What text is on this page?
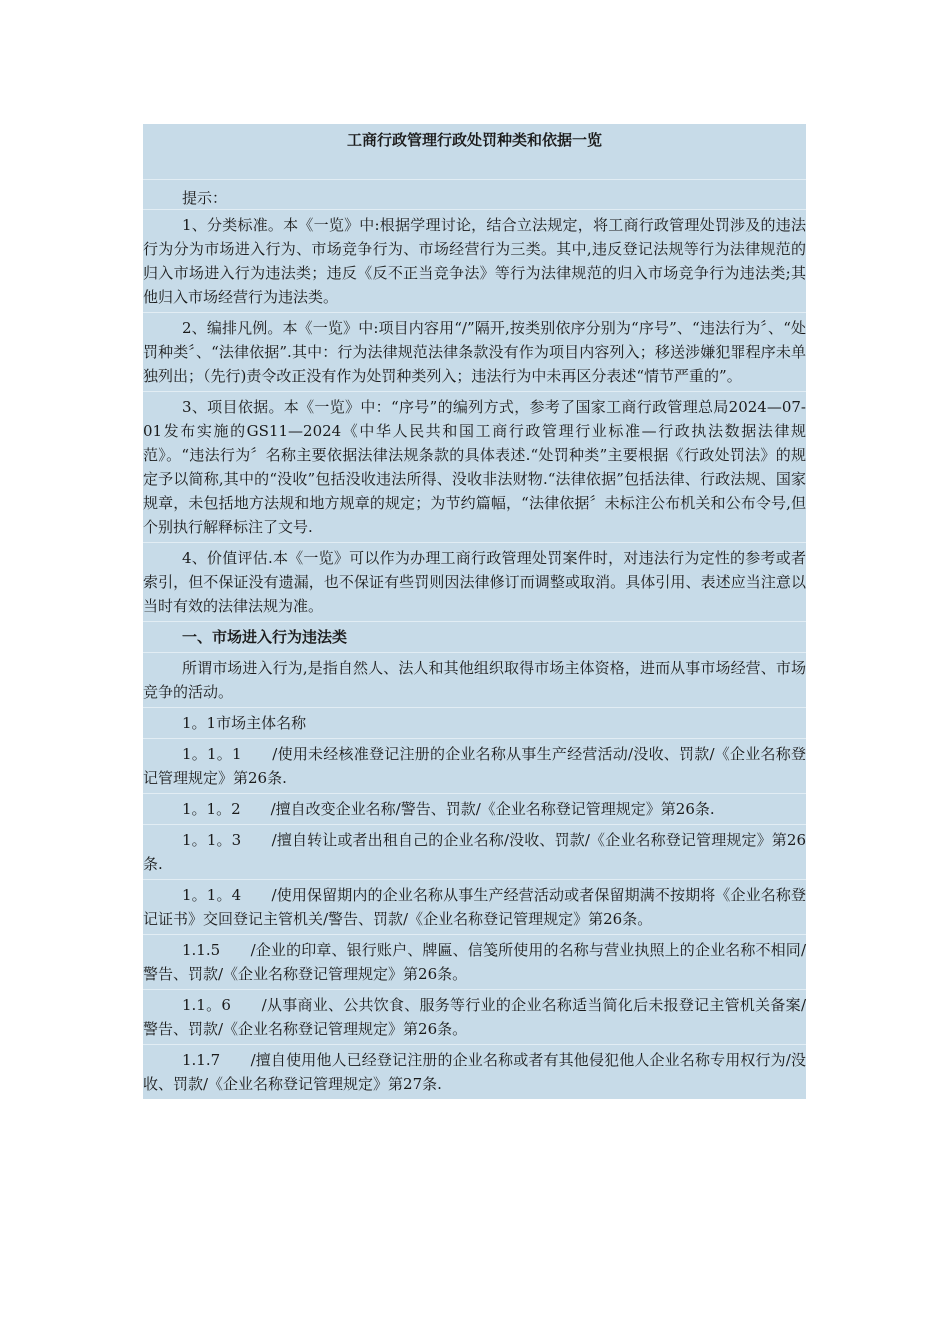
工商行政管理行政处罚种类和依据一览
提示：
1、分类标准。本《一览》中:根据学理讨论，结合立法规定，将工商行政管理处罚涉及的违法行为分为市场进入行为、市场竞争行为、市场经营行为三类。其中,违反登记法规等行为法律规范的归入市场进入行为违法类；违反《反不正当竞争法》等行为法律规范的归入市场竞争行为违法类;其他归入市场经营行为违法类。
2、编排凡例。本《一览》中:项目内容用“/”隔开,按类别依序分别为“序号”、“违法行为〞、“处罚种类〞、“法律依据”.其中：行为法律规范法律条款没有作为项目内容列入；移送涉嫌犯罪程序未单独列出；（先行)责令改正没有作为处罚种类列入；违法行为中未再区分表述“情节严重的”。
3、项目依据。本《一览》中：“序号”的编列方式，参考了国家工商行政管理总局2024—07-01发布实施的GS11—2024《中华人民共和国工商行政管理行业标准—行政执法数据法律规范》。“违法行为〞名称主要依据法律法规条款的具体表述.“处罚种类”主要根据《行政处罚法》的规定予以简称,其中的“没收”包括没收违法所得、没收非法财物.“法律依据”包括法律、行政法规、国家规章，未包括地方法规和地方规章的规定；为节约篇幅，“法律依据〞未标注公布机关和公布令号,但个别执行解释标注了文号.
4、价值评估.本《一览》可以作为办理工商行政管理处罚案件时，对违法行为定性的参考或者索引，但不保证没有遗漏，也不保证有些罚则因法律修订而调整或取消。具体引用、表述应当注意以当时有效的法律法规为准。
一、市场进入行为违法类
所谓市场进入行为,是指自然人、法人和其他组织取得市场主体资格，进而从事市场经营、市场竞争的活动。
1。1市场主体名称
1。1。1　　/使用未经核准登记注册的企业名称从事生产经营活动/没收、罚款/《企业名称登记管理规定》第26条.
1。1。2　　/擅自改变企业名称/警告、罚款/《企业名称登记管理规定》第26条.
1。1。3　　/擅自转让或者出租自己的企业名称/没收、罚款/《企业名称登记管理规定》第26条.
1。1。4　　/使用保留期内的企业名称从事生产经营活动或者保留期满不按期将《企业名称登记证书》交回登记主管机关/警告、罚款/《企业名称登记管理规定》第26条。
1.1.5　　/企业的印章、银行账户、牌匾、信笺所使用的名称与营业执照上的企业名称不相同/警告、罚款/《企业名称登记管理规定》第26条。
1.1。6　　/从事商业、公共饮食、服务等行业的企业名称适当简化后未报登记主管机关备案/警告、罚款/《企业名称登记管理规定》第26条。
1.1.7　　/擅自使用他人已经登记注册的企业名称或者有其他侵犯他人企业名称专用权行为/没收、罚款/《企业名称登记管理规定》第27条.
